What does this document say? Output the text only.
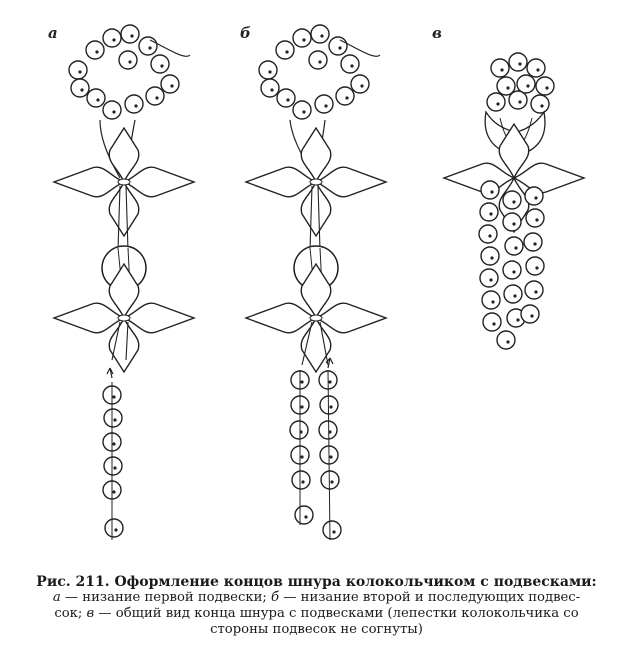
а	б	в
Рис. 211. Оформление концов шнура колокольчиком с подвесками:
а — низание первой подвески; б — низание второй и последующих подвес-
сок; в — общий вид конца шнура с подвесками (лепестки колокольчика со
стороны подвесок не согнуты)
